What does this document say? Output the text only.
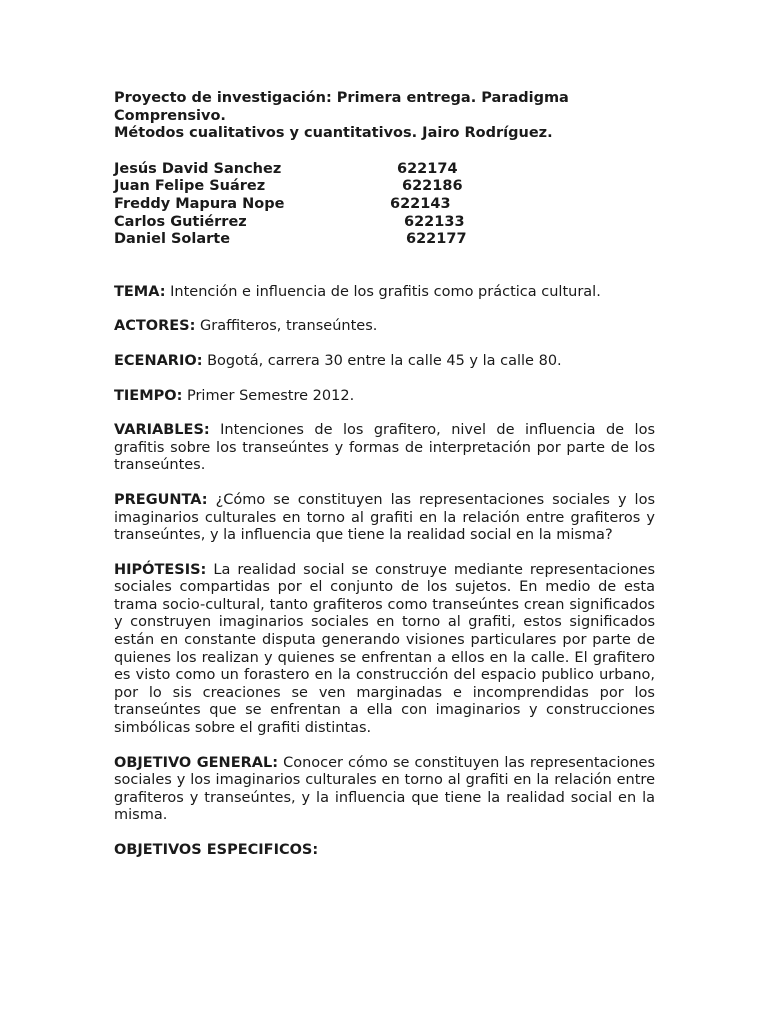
Proyecto de investigación: Primera entrega. Paradigma
Comprensivo.
Métodos cualitativos y cuantitativos. Jairo Rodríguez.
Jesús David Sanchez	622174
Juan Felipe Suárez	622186
Freddy Mapura Nope	622143
Carlos Gutiérrez	622133
Daniel Solarte	622177

TEMA: Intención e influencia de los grafitis como práctica cultural.

ACTORES: Graffiteros, transeúntes.

ECENARIO: Bogotá, carrera 30 entre la calle 45 y la calle 80.

TIEMPO: Primer Semestre 2012.

VARIABLES: Intenciones de los grafitero, nivel de influencia de los grafitis sobre los transeúntes y formas de interpretación por parte de los transeúntes.

PREGUNTA: ¿Cómo se constituyen las representaciones sociales y los imaginarios culturales en torno al grafiti en la relación entre grafiteros y transeúntes, y la influencia que tiene la realidad social en la misma?

HIPÓTESIS: La realidad social se construye mediante representaciones sociales compartidas por el conjunto de los sujetos. En medio de esta trama socio-cultural, tanto grafiteros como transeúntes crean significados y construyen imaginarios sociales en torno al grafiti, estos significados están en constante disputa generando visiones particulares por parte de quienes los realizan y quienes se enfrentan a ellos en la calle. El grafitero es visto como un forastero en la construcción del espacio publico urbano, por lo sis creaciones se ven marginadas e incomprendidas por los transeúntes que se enfrentan a ella con imaginarios y construcciones simbólicas sobre el grafiti distintas.

OBJETIVO GENERAL: Conocer cómo se constituyen las representaciones sociales y los imaginarios culturales en torno al grafiti en la relación entre grafiteros y transeúntes, y la influencia que tiene la realidad social en la misma.

OBJETIVOS ESPECIFICOS:
